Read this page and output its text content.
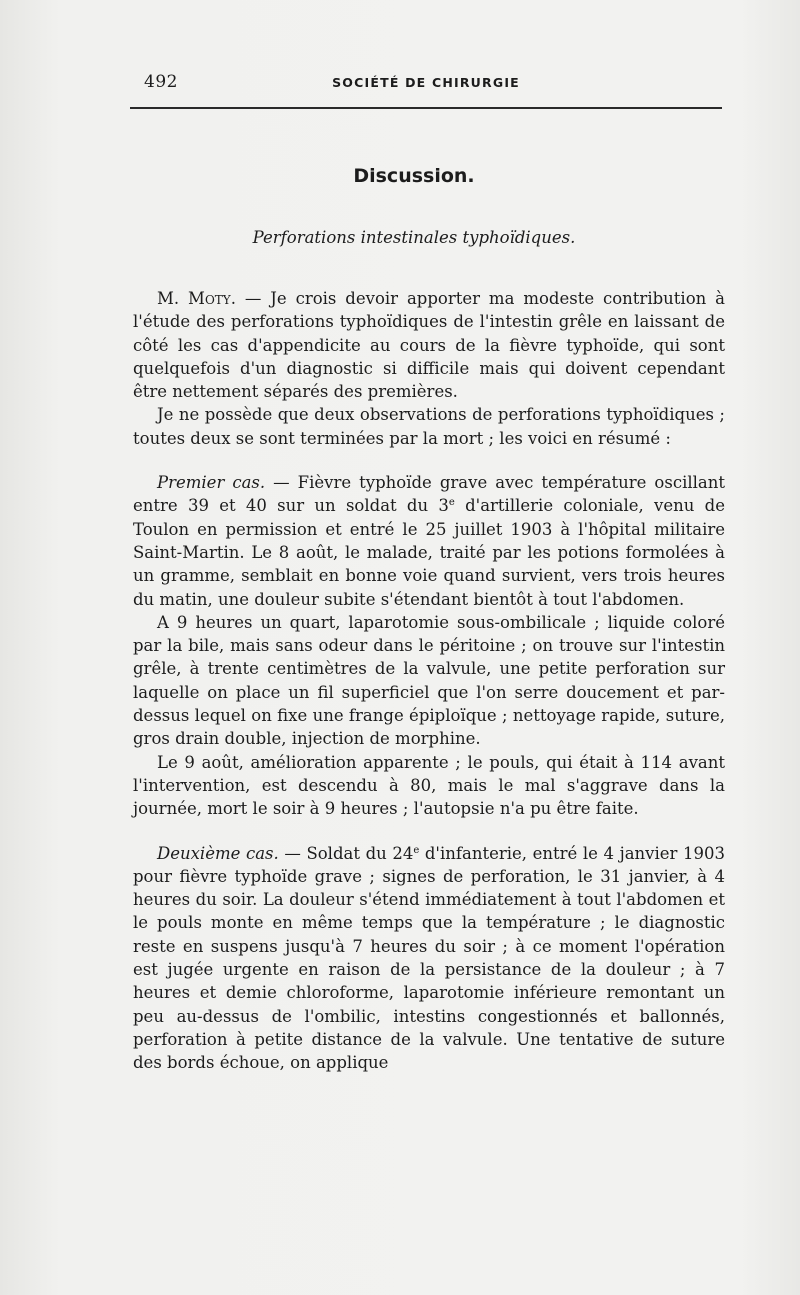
492	SOCIÉTÉ DE CHIRURGIE
Discussion.
Perforations intestinales typhoïdiques.

M. Moty. — Je crois devoir apporter ma modeste contribution à l'étude des perforations typhoïdiques de l'intestin grêle en laissant de côté les cas d'appendicite au cours de la fièvre typhoïde, qui sont quelquefois d'un diagnostic si difficile mais qui doivent cependant être nettement séparés des premières.

Je ne possède que deux observations de perforations typhoïdiques ; toutes deux se sont terminées par la mort ; les voici en résumé :

Premier cas. — Fièvre typhoïde grave avec température oscillant entre 39 et 40 sur un soldat du 3e d'artillerie coloniale, venu de Toulon en permission et entré le 25 juillet 1903 à l'hôpital militaire Saint-Martin. Le 8 août, le malade, traité par les potions formolées à un gramme, semblait en bonne voie quand survient, vers trois heures du matin, une douleur subite s'étendant bientôt à tout l'abdomen.

A 9 heures un quart, laparotomie sous-ombilicale ; liquide coloré par la bile, mais sans odeur dans le péritoine ; on trouve sur l'intestin grêle, à trente centimètres de la valvule, une petite perforation sur laquelle on place un fil superficiel que l'on serre doucement et par-dessus lequel on fixe une frange épiploïque ; nettoyage rapide, suture, gros drain double, injection de morphine.

Le 9 août, amélioration apparente ; le pouls, qui était à 114 avant l'intervention, est descendu à 80, mais le mal s'aggrave dans la journée, mort le soir à 9 heures ; l'autopsie n'a pu être faite.

Deuxième cas. — Soldat du 24e d'infanterie, entré le 4 janvier 1903 pour fièvre typhoïde grave ; signes de perforation, le 31 janvier, à 4 heures du soir. La douleur s'étend immédiatement à tout l'abdomen et le pouls monte en même temps que la température ; le diagnostic reste en suspens jusqu'à 7 heures du soir ; à ce moment l'opération est jugée urgente en raison de la persistance de la douleur ; à 7 heures et demie chloroforme, laparotomie inférieure remontant un peu au-dessus de l'ombilic, intestins congestionnés et ballonnés, perforation à petite distance de la valvule. Une tentative de suture des bords échoue, on applique
